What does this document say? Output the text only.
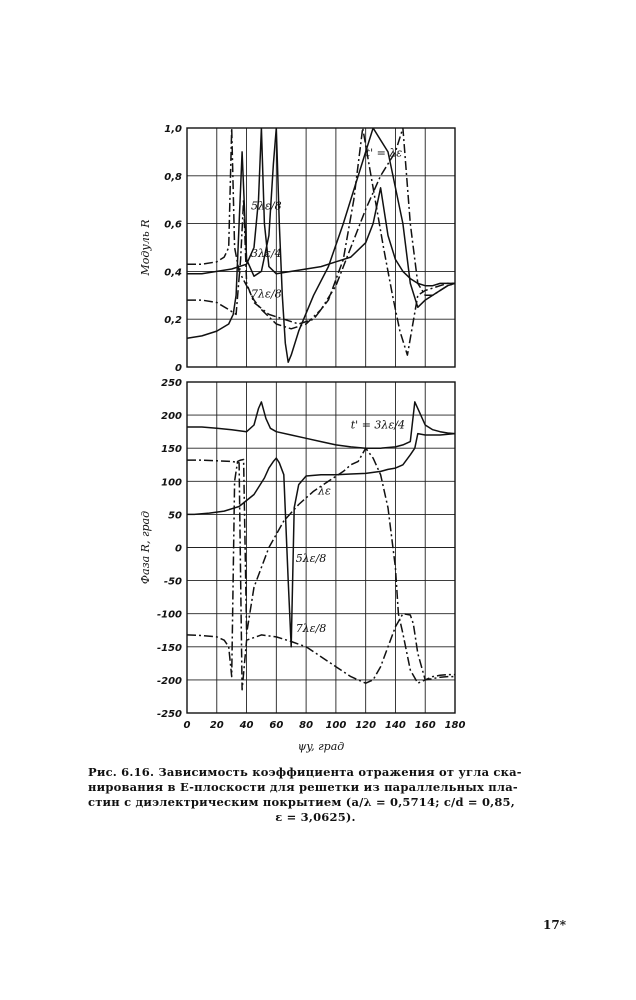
0
0,2
0,4
0,6
0,8
1,0
Модуль R
t' = λε
5λε/8
3λε/4
7λε/8
-250
-200
-150
-100
-50
0
50
100
150
200
250
0 20 40 60 80 100 120 140 160 180
Фаза R, град
ψy, град
t' = 3λε/4
λε
5λε/8
7λε/8
Рис. 6.16. Зависимость коэффициента отражения от угла ска-
нирования в E-плоскости для решетки из параллельных пла-
стин с диэлектрическим покрытием (a/λ = 0,5714; c/d = 0,85,
ε = 3,0625).
17*
